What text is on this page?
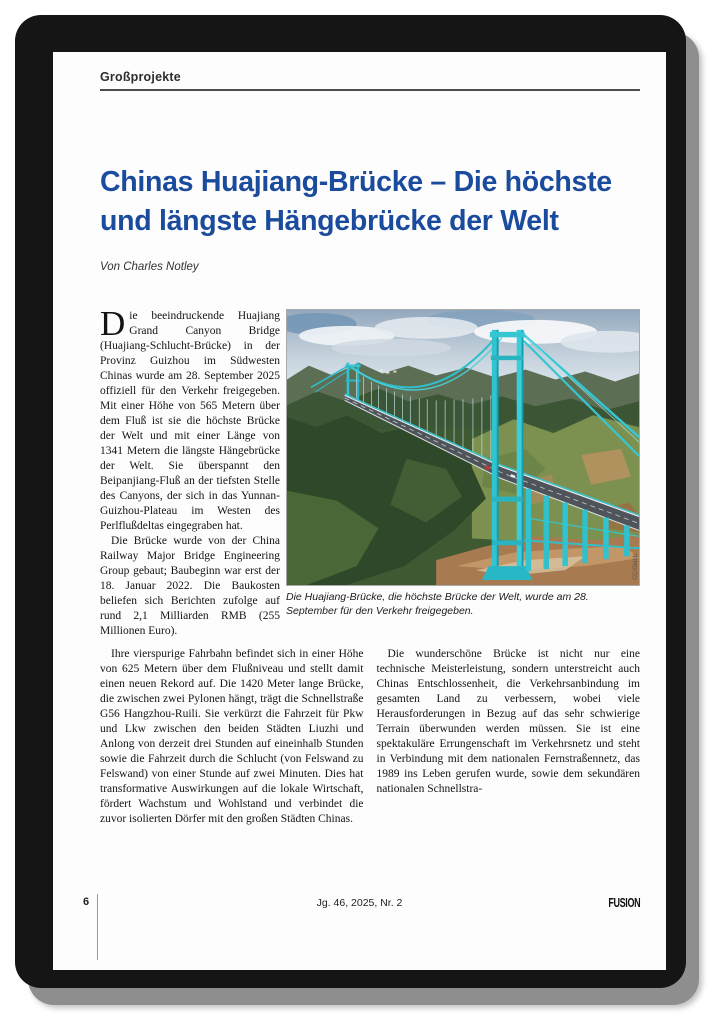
Großprojekte
Chinas Huajiang-Brücke – Die höchste
und längste Hängebrücke der Welt
Von Charles Notley

Die beeindruckende Huajiang Grand Canyon Bridge (Huajiang-Schlucht-Brücke) in der Provinz Guizhou im Südwesten Chinas wurde am 28. September 2025 offiziell für den Verkehr freigegeben. Mit einer Höhe von 565 Metern über dem Fluß ist sie die höchste Brücke der Welt und mit einer Länge von 1341 Metern die längste Hängebrücke der Welt. Sie überspannt den Beipanjiang-Fluß an der tiefsten Stelle des Canyons, der sich in das Yunnan-Guizhou-Plateau im Westen des Perlflußdeltas eingegraben hat.

Die Brücke wurde von der China Railway Major Bridge Engineering Group gebaut; Baubeginn war erst der 18. Januar 2022. Die Baukosten beliefen sich Berichten zufolge auf rund 2,1 Milliarden RMB (255 Millionen Euro).

CC/Glabb
Die Huajiang-Brücke, die höchste Brücke der Welt, wurde am 28. September für den Verkehr freigegeben.

Ihre vierspurige Fahrbahn befindet sich in einer Höhe von 625 Metern über dem Flußniveau und stellt damit einen neuen Rekord auf. Die 1420 Meter lange Brücke, die zwischen zwei Pylonen hängt, trägt die Schnellstraße G56 Hangzhou-Ruili. Sie verkürzt die Fahrzeit für Pkw und Lkw zwischen den beiden Städten Liuzhi und Anlong von derzeit drei Stunden auf eineinhalb Stunden sowie die Fahrzeit durch die Schlucht (von Felswand zu Felswand) von einer Stunde auf zwei Minuten. Dies hat transformative Auswirkungen auf die lokale Wirtschaft, fördert Wachstum und Wohlstand und verbindet die zuvor isolierten Dörfer mit den großen Städten Chinas.

Die wunderschöne Brücke ist nicht nur eine technische Meisterleistung, sondern unterstreicht auch Chinas Entschlossenheit, die Verkehrsanbindung im gesamten Land zu verbessern, wobei viele Herausforderungen in Bezug auf das sehr schwierige Terrain überwunden werden müssen. Sie ist eine spektakuläre Errungenschaft im Verkehrsnetz und steht in Verbindung mit dem nationalen Fernstraßennetz, das 1989 ins Leben gerufen wurde, sowie dem sekundären nationalen Schnellstra-

6	Jg. 46, 2025, Nr. 2	FUSION
